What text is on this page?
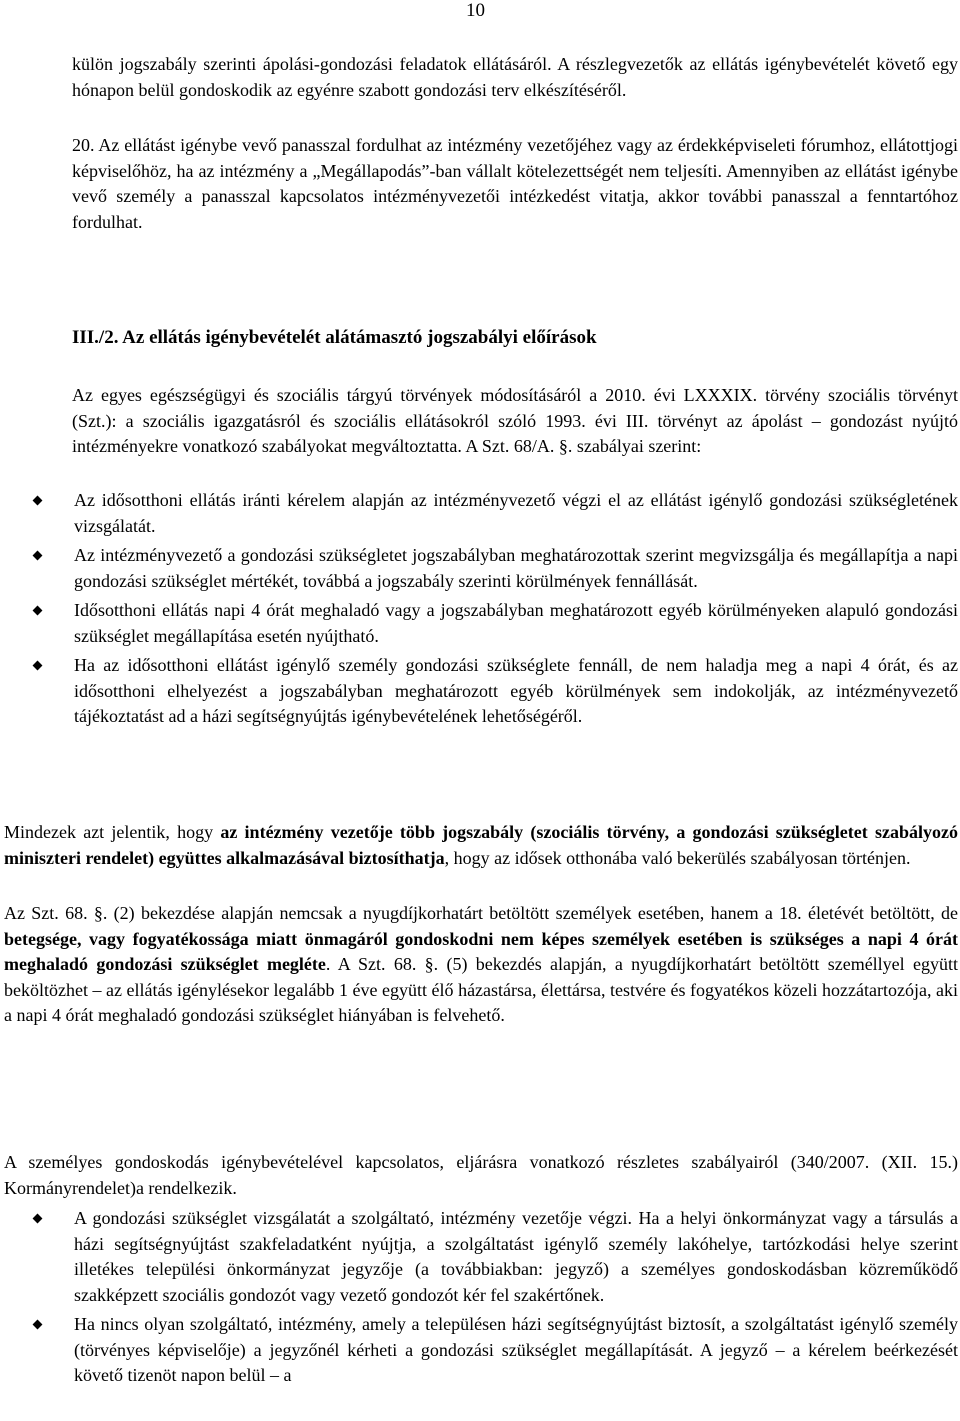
10

külön jogszabály szerinti ápolási-gondozási feladatok ellátásáról. A részlegvezetők az ellátás igénybevételét követő egy hónapon belül gondoskodik az egyénre szabott gondozási terv elkészítéséről.

20. Az ellátást igénybe vevő panasszal fordulhat az intézmény vezetőjéhez vagy az érdekképviseleti fórumhoz, ellátottjogi képviselőhöz, ha az intézmény a „Megállapodás”-ban vállalt kötelezettségét nem teljesíti. Amennyiben az ellátást igénybe vevő személy a panasszal kapcsolatos intézményvezetői intézkedést vitatja, akkor további panasszal a fenntartóhoz fordulhat.

III./2. Az ellátás igénybevételét alátámasztó jogszabályi előírások

Az egyes egészségügyi és szociális tárgyú törvények módosításáról a 2010. évi LXXXIX. törvény szociális törvényt (Szt.): a szociális igazgatásról és szociális ellátásokról szóló 1993. évi III. törvényt az ápolást – gondozást nyújtó intézményekre vonatkozó szabályokat megváltoztatta. A Szt. 68/A. §. szabályai szerint:

Az idősotthoni ellátás iránti kérelem alapján az intézményvezető végzi el az ellátást igénylő gondozási szükségletének vizsgálatát.
Az intézményvezető a gondozási szükségletet jogszabályban meghatározottak szerint megvizsgálja és megállapítja a napi gondozási szükséglet mértékét, továbbá a jogszabály szerinti körülmények fennállását.
Idősotthoni ellátás napi 4 órát meghaladó vagy a jogszabályban meghatározott egyéb körülményeken alapuló gondozási szükséglet megállapítása esetén nyújtható.
Ha az idősotthoni ellátást igénylő személy gondozási szükséglete fennáll, de nem haladja meg a napi 4 órát, és az idősotthoni elhelyezést a jogszabályban meghatározott egyéb körülmények sem indokolják, az intézményvezető tájékoztatást ad a házi segítségnyújtás igénybevételének lehetőségéről.

Mindezek azt jelentik, hogy az intézmény vezetője több jogszabály (szociális törvény, a gondozási szükségletet szabályozó miniszteri rendelet) együttes alkalmazásával biztosíthatja, hogy az idősek otthonába való bekerülés szabályosan történjen.

Az Szt. 68. §. (2) bekezdése alapján nemcsak a nyugdíjkorhatárt betöltött személyek esetében, hanem a 18. életévét betöltött, de betegsége, vagy fogyatékossága miatt önmagáról gondoskodni nem képes személyek esetében is szükséges a napi 4 órát meghaladó gondozási szükséglet megléte. A Szt. 68. §. (5) bekezdés alapján, a nyugdíjkorhatárt betöltött személlyel együtt beköltözhet – az ellátás igénylésekor legalább 1 éve együtt élő házastársa, élettársa, testvére és fogyatékos közeli hozzátartozója, aki a napi 4 órát meghaladó gondozási szükséglet hiányában is felvehető.

A személyes gondoskodás igénybevételével kapcsolatos, eljárásra vonatkozó részletes szabályairól (340/2007. (XII. 15.) Kormányrendelet)a rendelkezik.

A gondozási szükséglet vizsgálatát a szolgáltató, intézmény vezetője végzi. Ha a helyi önkormányzat vagy a társulás a házi segítségnyújtást szakfeladatként nyújtja, a szolgáltatást igénylő személy lakóhelye, tartózkodási helye szerint illetékes települési önkormányzat jegyzője (a továbbiakban: jegyző) a személyes gondoskodásban közreműködő szakképzett szociális gondozót vagy vezető gondozót kér fel szakértőnek.
Ha nincs olyan szolgáltató, intézmény, amely a településen házi segítségnyújtást biztosít, a szolgáltatást igénylő személy (törvényes képviselője) a jegyzőnél kérheti a gondozási szükséglet megállapítását. A jegyző – a kérelem beérkezését követő tizenöt napon belül – a
